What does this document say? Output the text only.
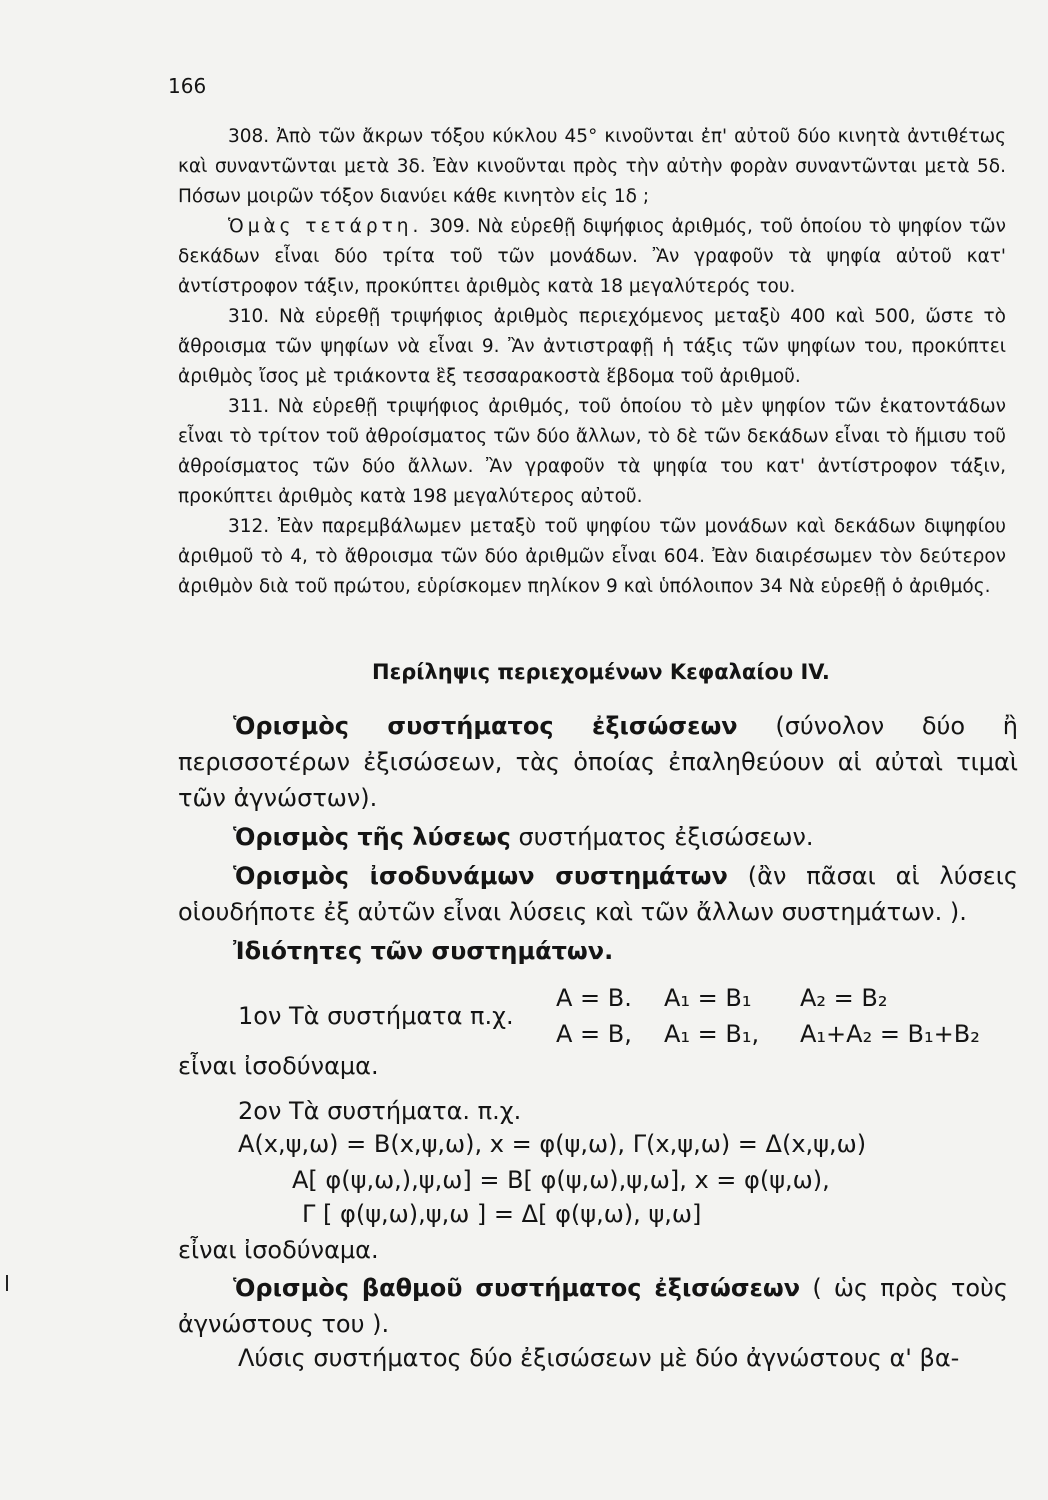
166

308. Ἀπὸ τῶν ἄκρων τόξου κύκλου 45° κινοῦνται ἐπ' αὐτοῦ δύο κινητὰ ἀντιθέτως καὶ συναντῶνται μετὰ 3δ. Ἐὰν κινοῦνται πρὸς τὴν αὐτὴν φορὰν συναντῶνται μετὰ 5δ. Πόσων μοιρῶν τόξον διανύει κάθε κινητὸν εἰς 1δ ;

Ὁμὰς τετάρτη. 309. Νὰ εὑρεθῇ διψήφιος ἀριθμός, τοῦ ὁποίου τὸ ψηφίον τῶν δεκάδων εἶναι δύο τρίτα τοῦ τῶν μονάδων. Ἂν γραφοῦν τὰ ψηφία αὐτοῦ κατ' ἀντίστροφον τάξιν, προκύπτει ἀριθμὸς κατὰ 18 μεγαλύτερός του.

310. Νὰ εὑρεθῇ τριψήφιος ἀριθμὸς περιεχόμενος μεταξὺ 400 καὶ 500, ὥστε τὸ ἄθροισμα τῶν ψηφίων νὰ εἶναι 9. Ἂν ἀντιστραφῇ ἡ τάξις τῶν ψηφίων του, προκύπτει ἀριθμὸς ἴσος μὲ τριάκοντα ἓξ τεσσαρακοστὰ ἕβδομα τοῦ ἀριθμοῦ.

311. Νὰ εὑρεθῇ τριψήφιος ἀριθμός, τοῦ ὁποίου τὸ μὲν ψηφίον τῶν ἑκατοντάδων εἶναι τὸ τρίτον τοῦ ἀθροίσματος τῶν δύο ἄλλων, τὸ δὲ τῶν δεκάδων εἶναι τὸ ἥμισυ τοῦ ἀθροίσματος τῶν δύο ἄλλων. Ἂν γραφοῦν τὰ ψηφία του κατ' ἀντίστροφον τάξιν, προκύπτει ἀριθμὸς κατὰ 198 μεγαλύτερος αὐτοῦ.

312. Ἐὰν παρεμβάλωμεν μεταξὺ τοῦ ψηφίου τῶν μονάδων καὶ δεκάδων διψηφίου ἀριθμοῦ τὸ 4, τὸ ἄθροισμα τῶν δύο ἀριθμῶν εἶναι 604. Ἐὰν διαιρέσωμεν τὸν δεύτερον ἀριθμὸν διὰ τοῦ πρώτου, εὑρίσκομεν πηλίκον 9 καὶ ὑπόλοιπον 34 Νὰ εὑρεθῇ ὁ ἀριθμός.

Περίληψις περιεχομένων Κεφαλαίου IV.

Ὁρισμὸς συστήματος ἐξισώσεων (σύνολον δύο ἢ περισσοτέρων ἐξισώσεων, τὰς ὁποίας ἐπαληθεύουν αἱ αὐταὶ τιμαὶ τῶν ἀγνώστων).

Ὁρισμὸς τῆς λύσεως συστήματος ἐξισώσεων.

Ὁρισμὸς ἰσοδυνάμων συστημάτων (ἂν πᾶσαι αἱ λύσεις οἱουδήποτε ἐξ αὐτῶν εἶναι λύσεις καὶ τῶν ἄλλων συστημάτων. ).

Ἰδιότητες τῶν συστημάτων.

1ον Τὰ συστήματα π.χ.
Α = Β. Α₁ = Β₁ Α₂ = Β₂
Α = Β, Α₁ = Β₁, Α₁+Α₂ = Β₁+Β₂
εἶναι ἰσοδύναμα.
2ον Τὰ συστήματα. π.χ.
Α(x,ψ,ω) = Β(x,ψ,ω), x = φ(ψ,ω), Γ(x,ψ,ω) = Δ(x,ψ,ω)
Α[ φ(ψ,ω,),ψ,ω] = Β[ φ(ψ,ω),ψ,ω], x = φ(ψ,ω),
Γ [ φ(ψ,ω),ψ,ω ] = Δ[ φ(ψ,ω), ψ,ω]
εἶναι ἰσοδύναμα.

Ὁρισμὸς βαθμοῦ συστήματος ἐξισώσεων ( ὡς πρὸς τοὺς ἀγνώστους του ).

Λύσις συστήματος δύο ἐξισώσεων μὲ δύο ἀγνώστους α' βα-
